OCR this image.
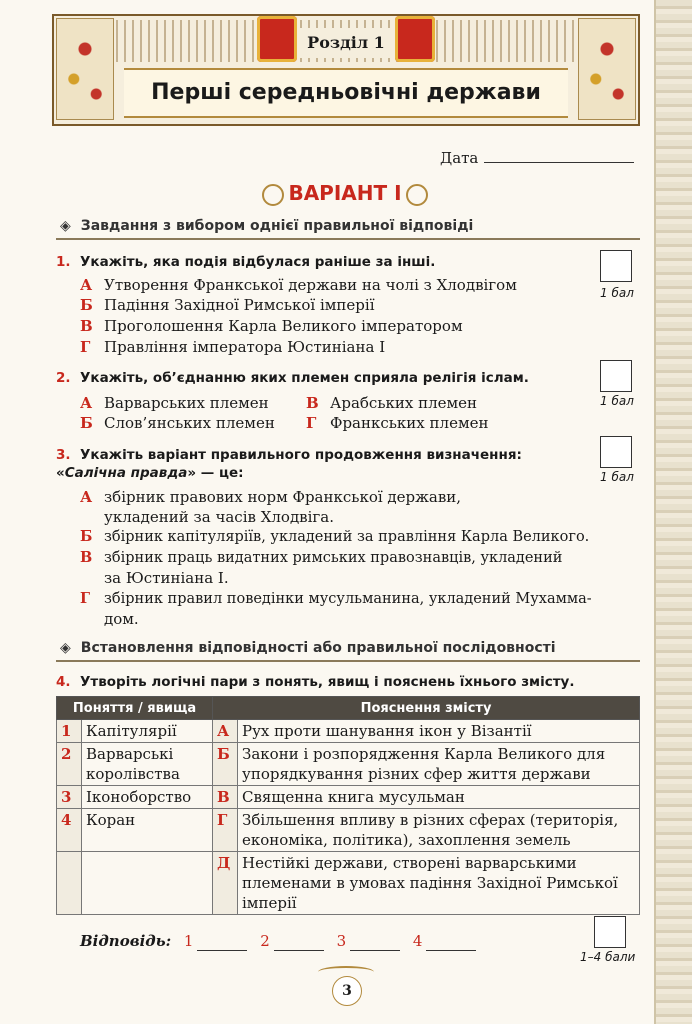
Розділ 1
Перші середньовічні держави
Дата
ВАРІАНТ І
◈ Завдання з вибором однієї правильної відповіді
1. Укажіть, яка подія відбулася раніше за інші.
1 бал
А Утворення Франкської держави на чолі з Хлодвігом
Б Падіння Західної Римської імперії
В Проголошення Карла Великого імператором
Г Правління імператора Юстиніана І
2. Укажіть, об’єднанню яких племен сприяла релігія іслам.
1 бал
А Варварських племен В Арабських племен
Б Слов’янських племен Г Франкських племен
3. Укажіть варіант правильного продовження визначення: «Салічна правда» — це:	1 бал
А збірник правових норм Франкської держави,
укладений за часів Хлодвіга.
Б збірник капітуляріїв, укладений за правління Карла Великого.
В збірник праць видатних римських правознавців, укладений
за Юстиніана І.
Г збірник правил поведінки мусульманина, укладений Мухамма-
дом.
◈ Встановлення відповідності або правильної послідовності
4. Утворіть логічні пари з понять, явищ і пояснень їхнього змісту.
Поняття / явища		Пояснення змісту	
1	Капітулярії	А	Рух проти шанування ікон у Візантії
2	Варварські королівства	Б	Закони і розпорядження Карла Великого для упорядкування різних сфер життя держави
3	Іконоборство	В	Священна книга мусульман
4	Коран	Г	Збільшення впливу в різних сферах (територія, економіка, політика), захоплення земель
		Д	Нестійкі держави, створені варварськими племенами в умовах падіння Західної Римської імперії
Відповідь: 1	2	3	4
1–4 бали
3
